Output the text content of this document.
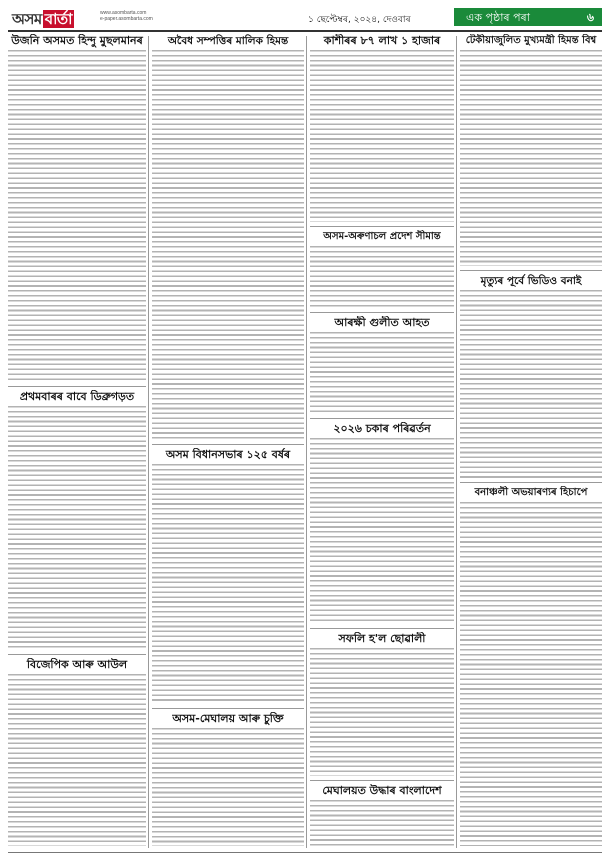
অসম বাৰ্তা	www.asombarta.com
e-paper.asombarta.com	১ ছেপ্টেম্বৰ, ২০২৪, দেওবাৰ	এক পৃষ্ঠাৰ পৰা	৬
উজনি অসমত হিন্দু মুছলমানৰ
প্ৰথমবাৰৰ বাবে ডিব্ৰুগড়ত
বিজেপিক আৰু আউল
অবৈধ সম্পত্তিৰ মালিক হিমন্ত
অসম বিধানসভাৰ ১২৫ বৰ্ষৰ
অসম-মেঘালয় আৰু চুক্তি
কাশীৰৰ ৮৭ লাখ ১ হাজাৰ
অসম-অৰুণাচল প্ৰদেশ সীমান্ত
আৰক্ষী গুলীত আহত
২০২৬ চকাৰ পৰিৱৰ্তন
সফলি হ'ল ছোৱালী
মেঘালয়ত উদ্ধাৰ বাংলাদেশ
টেকীয়াজুলিত মুখ্যমন্ত্ৰী হিমন্ত বিশ্ব
মৃত্যুৰ পূৰ্বে ভিডিও বনাই
বনাঞ্চলী অভয়াৰণ্যৰ হিচাপে
